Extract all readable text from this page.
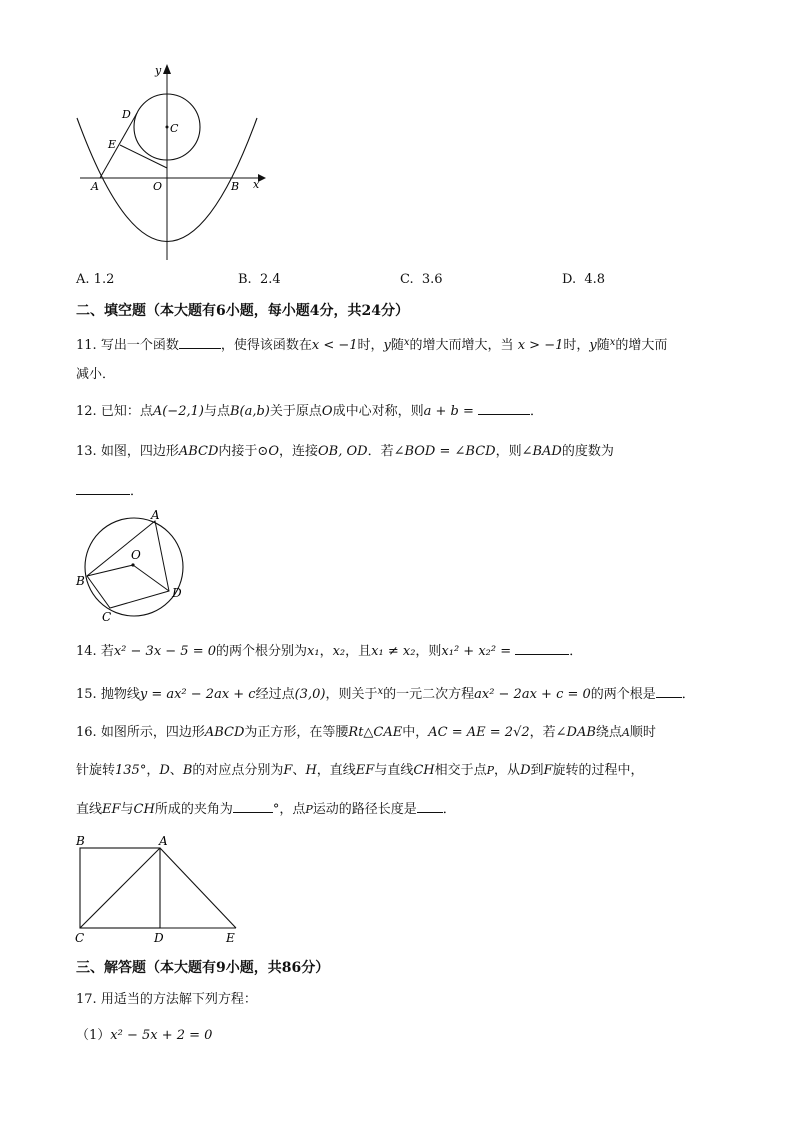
y
x
D
E
C
A	O	B
A. 1.2	B. 2.4	C. 3.6	D. 4.8
二、填空题（本大题有6小题，每小题4分，共24分）
11. 写出一个函数	，使得该函数在x < −1时，y随$^x$的增大而增大，当 x > −1时，y随$^x$的增大而
减小．
12. 已知：点A(−2,1)与点B(a,b)关于原点O成中心对称，则a + b =	．
13. 如图，四边形ABCD内接于⊙O，连接OB, OD．若∠BOD = ∠BCD，则∠BAD的度数为
．
A
O
B
D
C
14. 若x² − 3x − 5 = 0的两个根分别为x₁，x₂，且x₁ ≠ x₂，则x₁² + x₂² =	．
15. 抛物线y = ax² − 2ax + c经过点(3,0)，则关于$^x$的一元二次方程ax² − 2ax + c = 0的两个根是 ．
16. 如图所示，四边形ABCD为正方形，在等腰Rt△CAE中，AC = AE = 2√2，若∠DAB绕点A顺时
针旋转135°，D、B的对应点分别为F、H，直线EF与直线CH相交于点P，从D到F旋转的过程中，
直线EF与CH所成的夹角为	°，点P运动的路径长度是 ．
B	A
C	D	E
三、解答题（本大题有9小题，共86分）
17. 用适当的方法解下列方程：
（1）x² − 5x + 2 = 0
